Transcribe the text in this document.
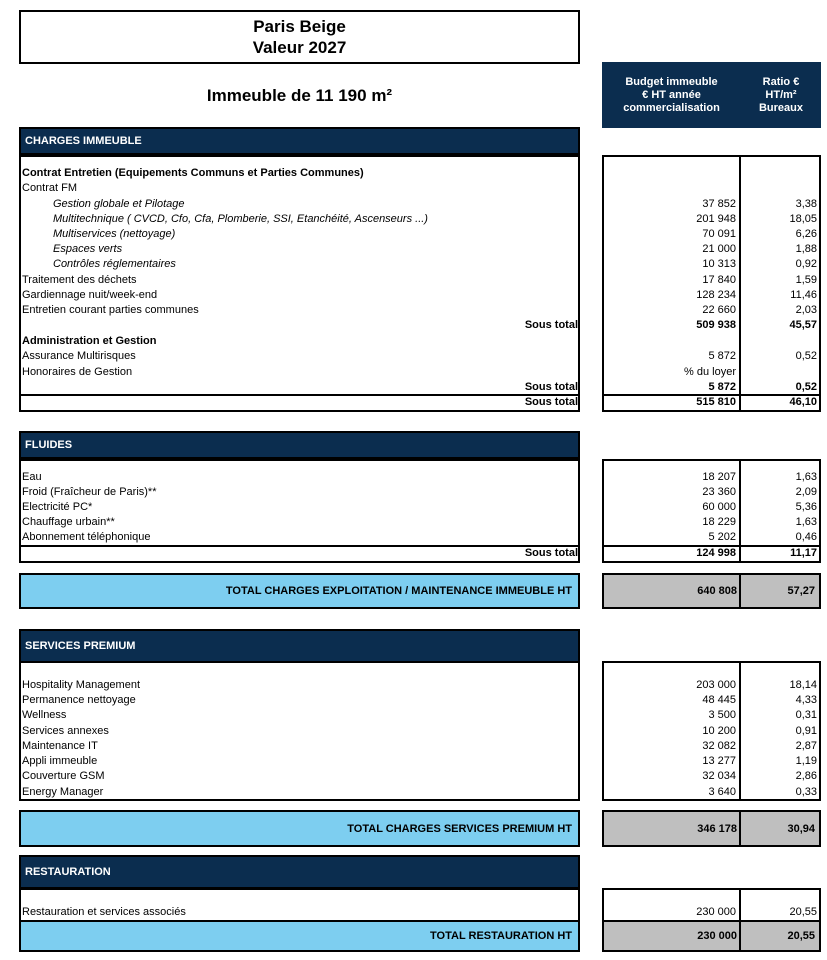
Paris Beige
Valeur 2027
Immeuble de 11 190 m²
Budget immeuble
€ HT année
commercialisation
Ratio €
HT/m²
Bureaux
CHARGES IMMEUBLE
Contrat Entretien (Equipements Communs et Parties Communes)
Contrat FM
Gestion globale et Pilotage	37 852	3,38
Multitechnique ( CVCD, Cfo, Cfa, Plomberie, SSI, Etanchéité, Ascenseurs ...)	201 948	18,05
Multiservices (nettoyage)	70 091	6,26
Espaces verts	21 000	1,88
Contrôles réglementaires	10 313	0,92
Traitement des déchets	17 840	1,59
Gardiennage nuit/week-end	128 234	11,46
Entretien courant parties communes	22 660	2,03
Sous total	509 938	45,57
Administration et Gestion
Assurance Multirisques	5 872	0,52
Honoraires de Gestion	% du loyer
Sous total	5 872	0,52
Sous total	515 810	46,10
FLUIDES
Eau	18 207	1,63
Froid (Fraîcheur de Paris)**	23 360	2,09
Electricité PC*	60 000	5,36
Chauffage urbain**	18 229	1,63
Abonnement téléphonique	5 202	0,46
Sous total	124 998	11,17
TOTAL CHARGES EXPLOITATION / MAINTENANCE IMMEUBLE HT	640 808	57,27
SERVICES PREMIUM
Hospitality Management	203 000	18,14
Permanence nettoyage	48 445	4,33
Wellness	3 500	0,31
Services annexes	10 200	0,91
Maintenance IT	32 082	2,87
Appli immeuble	13 277	1,19
Couverture GSM	32 034	2,86
Energy Manager	3 640	0,33
TOTAL CHARGES SERVICES PREMIUM HT	346 178	30,94
RESTAURATION
Restauration et services associés	230 000	20,55
TOTAL RESTAURATION HT	230 000	20,55
